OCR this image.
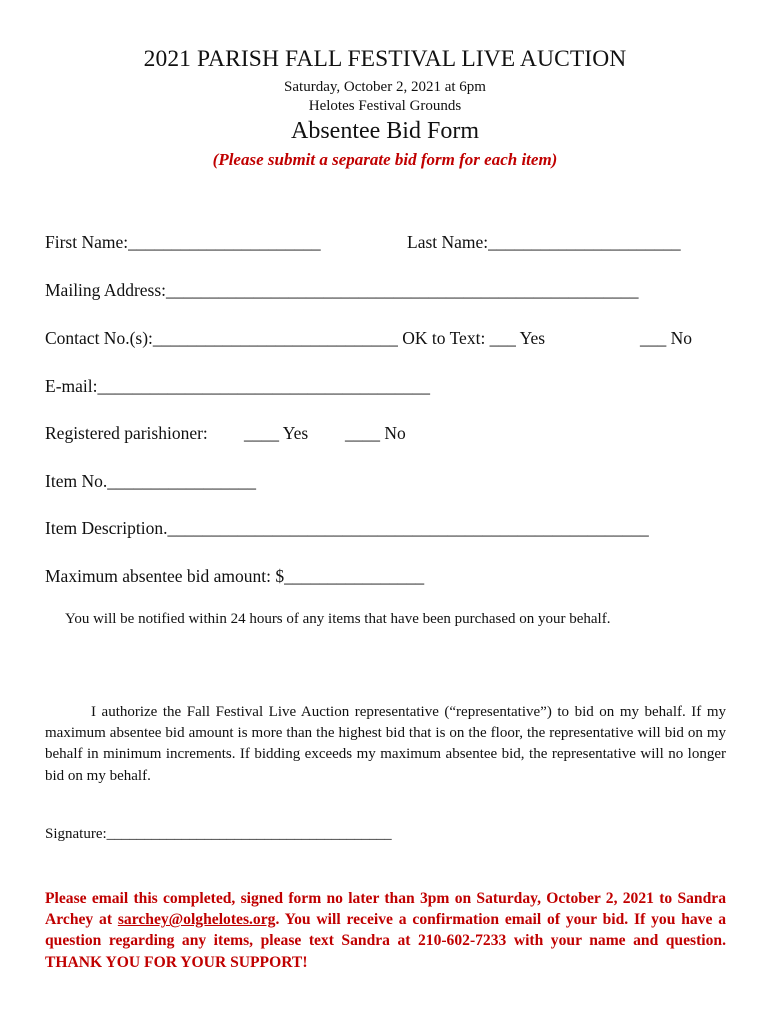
2021 PARISH FALL FESTIVAL LIVE AUCTION
Saturday, October 2, 2021 at 6pm
Helotes Festival Grounds
Absentee Bid Form
(Please submit a separate bid form for each item)
First Name:______________________	Last Name:______________________
Mailing Address:______________________________________________________
Contact No.(s):____________________________ OK to Text: ___ Yes	___ No
E-mail:______________________________________
Registered parishioner: ____ Yes ____ No
Item No._________________
Item Description._______________________________________________________
Maximum absentee bid amount: $________________
You will be notified within 24 hours of any items that have been purchased on your behalf.
I authorize the Fall Festival Live Auction representative (“representative”) to bid on my behalf. If my maximum absentee bid amount is more than the highest bid that is on the floor, the representative will bid on my behalf in minimum increments. If bidding exceeds my maximum absentee bid, the representative will no longer bid on my behalf.
Signature:______________________________________
Please email this completed, signed form no later than 3pm on Saturday, October 2, 2021 to Sandra Archey at sarchey@olghelotes.org. You will receive a confirmation email of your bid. If you have a question regarding any items, please text Sandra at 210-602-7233 with your name and question. THANK YOU FOR YOUR SUPPORT!
